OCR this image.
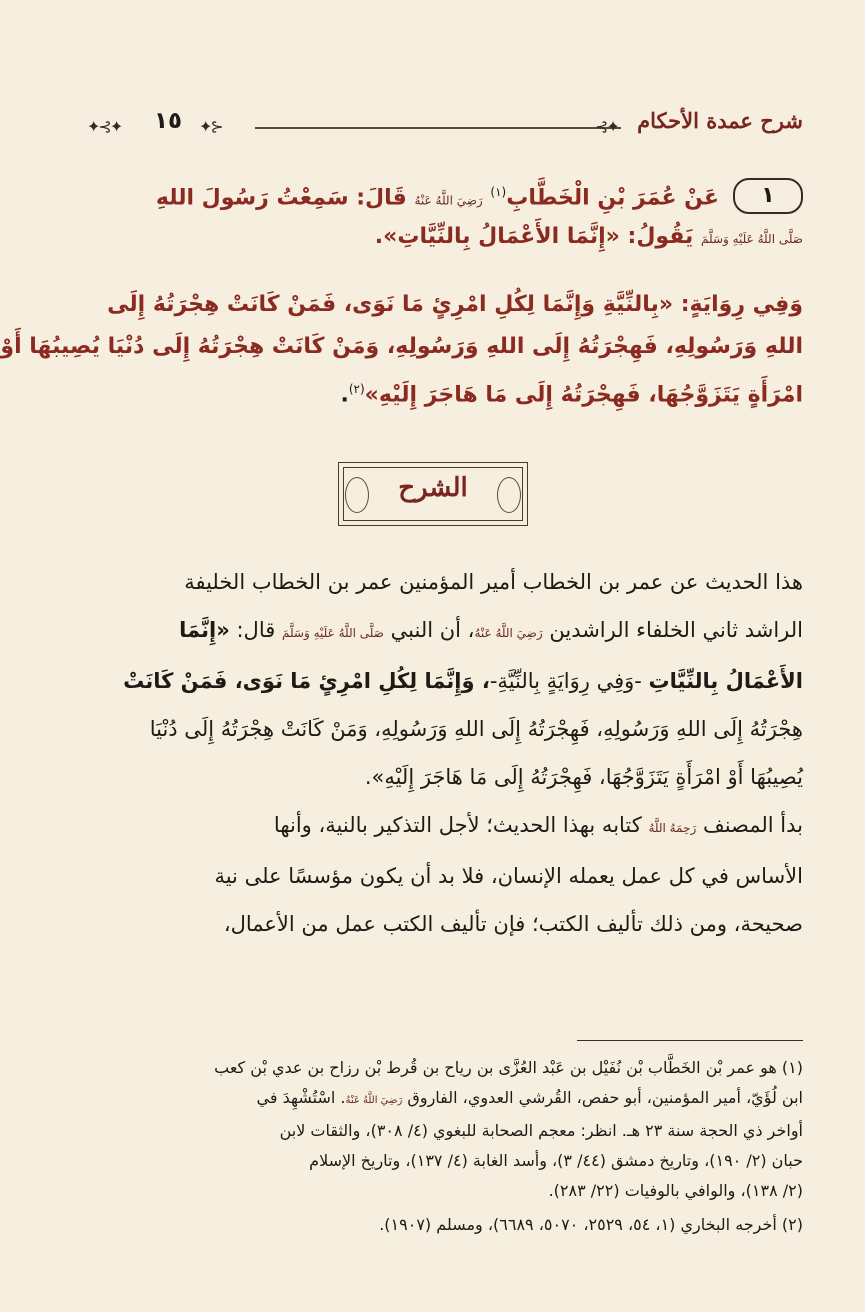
✦⊱✦	١٥	⊰✦	✦⊱ شرح عمدة الأحكام
١
عَنْ عُمَرَ بْنِ الْخَطَّابِ$^{(١)}$ رَضِيَ اللَّهُ عَنْهُ قَالَ: سَمِعْتُ رَسُولَ اللهِ
صَلَّى اللَّهُ عَلَيْهِ وَسَلَّمَ يَقُولُ: «إِنَّمَا الأَعْمَالُ بِالنِّيَّاتِ».
وَفِي رِوَايَةٍ: «بِالنِّيَّةِ وَإِنَّمَا لِكُلِ امْرِئٍ مَا نَوَى، فَمَنْ كَانَتْ هِجْرَتُهُ إِلَى
اللهِ وَرَسُولِهِ، فَهِجْرَتُهُ إِلَى اللهِ وَرَسُولِهِ، وَمَنْ كَانَتْ هِجْرَتُهُ إِلَى دُنْيَا يُصِيبُهَا أَوْ
امْرَأَةٍ يَتَزَوَّجُهَا، فَهِجْرَتُهُ إِلَى مَا هَاجَرَ إِلَيْهِ»$^{(٢)}$.
الشرح
هذا الحديث عن عمر بن الخطاب أمير المؤمنين عمر بن الخطاب الخليفة
الراشد ثاني الخلفاء الراشدين رَضِيَ اللَّهُ عَنْهُ، أن النبي صَلَّى اللَّهُ عَلَيْهِ وَسَلَّمَ قال: «إِنَّمَا
الأَعْمَالُ بِالنِّيَّاتِ -وَفِي رِوَايَةٍ بِالنِّيَّةِ-، وَإِنَّمَا لِكُلِ امْرِئٍ مَا نَوَى، فَمَنْ كَانَتْ
هِجْرَتُهُ إِلَى اللهِ وَرَسُولِهِ، فَهِجْرَتُهُ إِلَى اللهِ وَرَسُولِهِ، وَمَنْ كَانَتْ هِجْرَتُهُ إِلَى دُنْيَا
يُصِيبُهَا أَوْ امْرَأَةٍ يَتَزَوَّجُهَا، فَهِجْرَتُهُ إِلَى مَا هَاجَرَ إِلَيْهِ».
بدأ المصنف رَحِمَهُ اللَّهُ كتابه بهذا الحديث؛ لأجل التذكير بالنية، وأنها
الأساس في كل عمل يعمله الإنسان، فلا بد أن يكون مؤسسًا على نية
صحيحة، ومن ذلك تأليف الكتب؛ فإن تأليف الكتب عمل من الأعمال،
(١) هو عمر بْن الخَطَّاب بْن نُفَيْل بن عَبْد العُزَّى بن رياح بن قُرط بْن رزاح بن عدي بْن كعب
ابن لُؤَيّ، أمير المؤمنين، أبو حفص، القُرشي العدوي، الفاروق رَضِيَ اللَّهُ عَنْهُ. اسْتُشْهِدَ في
أواخر ذي الحجة سنة ٢٣ هـ. انظر: معجم الصحابة للبغوي (٤/ ٣٠٨)، والثقات لابن
حبان (٢/ ١٩٠)، وتاريخ دمشق (٤٤/ ٣)، وأسد الغابة (٤/ ١٣٧)، وتاريخ الإسلام
(٢/ ١٣٨)، والوافي بالوفيات (٢٢/ ٢٨٣).
(٢) أخرجه البخاري (١، ٥٤، ٢٥٢٩، ٥٠٧٠، ٦٦٨٩)، ومسلم (١٩٠٧).
